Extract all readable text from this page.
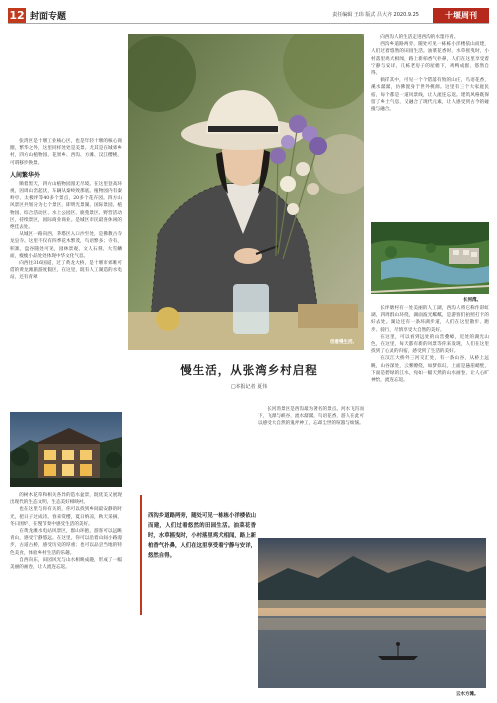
12 封面专题	责任编辑 王玮 版式 吕大齐 2020.9.25	十堰周刊

张湾区是十堰工业核心区，也是年轻十堰的核心商圈，繁华之外，这里同样处处是美景。尤其是在城郊乡村，四方山植物园、花果乡、西沟、方滩、汉江樱桃，可谓移步换景。

人间繁华外

顺着黑天，四方山植物园漫无尽境。在这里登高环视，因周山峦起伏，车辆从秦岭致那底。植物园内有秦岭亭、太极坪等40多个景点，20多个花卉园。四方山风景区共划分为七个景区，即明光景湖、国际景园、植物园、综合活动区、水上公园区、鹿苑景区、野营活动区，持续景区，国际商业商业。是城区市民最喜休闲的绝佳去处。

从城区一路向西，茅塔区入口沙至处，是佛教古寺龙皇寺。这里不仅有四季花木繁茂，鸟语繁多；寺有，积寨，盘谷随处可见，园林景观、文人石刻、大雪鳞面，瘦瘦小品处处体现中华文化气息。

向西往316国道，过了黄龙大桥，是十堰市郊唯可借的黄龙滩旅游度假区，在这里，既有人工湖造的水电站，还有青翠

的树木花草和相关各异的造水盆景，既优美又展现出现代的生态文明，生态美好相映衬。

也在这里与你有关的，你可以找到乡间最安静的时光，把日子过成诗。春来赏樱，夏日纳凉，秋天采摘，冬日围炉，在慢节奏中感受生活的美好。

在黄龙滩水电站风景区，群山环抱，游客可以远眺青山，感受宁静悠远。在这里，你可以沿着山间小路漫步，古道古桥，感受历史的厚重；也可以品尝当地的特色美食，体验乡村生活的乐趣。

自西向东，田园风光与山水相映成趣，形成了一幅美丽的画卷，让人流连忘返。

创意慢生活。
慢生活，从张湾乡村启程
□本报记者 夏伟

长河湾景区是西沟最为著名的景点。河水飞泻而下，飞瀑与峡谷，流水潺潺，鸟语花香，游人在此可以感受大自然的鬼斧神工，忘却尘世的喧嚣与烦恼。

西沟乡道路两旁，随处可见一栋栋小洋楼依山而建，人们过着悠然的田园生活。油菜花香时，水草摇曳时，小村落里鸡犬相闻，路上新柏香气扑鼻，人们在这里享受着宁静与安详，悠然自得。

向西沟人的生活走进西沟的水墨丹青。

西沟乡道路两旁，随处可见一栋栋小洋楼依山而建，人们过着悠然的田园生活。油菜花香时，水草摇曳时，小村落里鸡犬相闻，路上新柏香气扑鼻，人们在这里享受着宁静与安详，几栋老房子的屋檐下，鸡鸭成群，悠然自得。

倘徉其中，可见一个个错落有致的山庄，鸟语花香，溪水潺潺，仿佛置身于世外桃源。这里有三个大家庭民宿，每个都是一道风景线，让人流连忘返。建筑风格既保留了乡土气息，又融合了现代元素，让人感受到古今的碰撞与融合。

长河湾。

长坪塘村有一处美丽的人工湖，西沟人将它称作彩虹湖，四周群山环绕，湖面波光粼粼，是游客们拍照打卡的好去处。湖边还有一条环湖步道，人们在这里散步、跑步、骑行，尽情享受大自然的美好。

在这里，可以看到远处的山峦叠嶂，近处的湖光山色，在这里，每天都有新的风景等你来发现，人们在这里找到了心灵的归宿，感受到了生活的美好。

在汉江大桥外三河交汇处，有一条山谷，从桥上远眺，山谷深处，云雾缭绕，如梦似幻。上面是悬崖峭壁，下面是碧绿的江水，宛如一幅天然的山水画卷，让人心旷神怡，流连忘返。

云水方滩。
